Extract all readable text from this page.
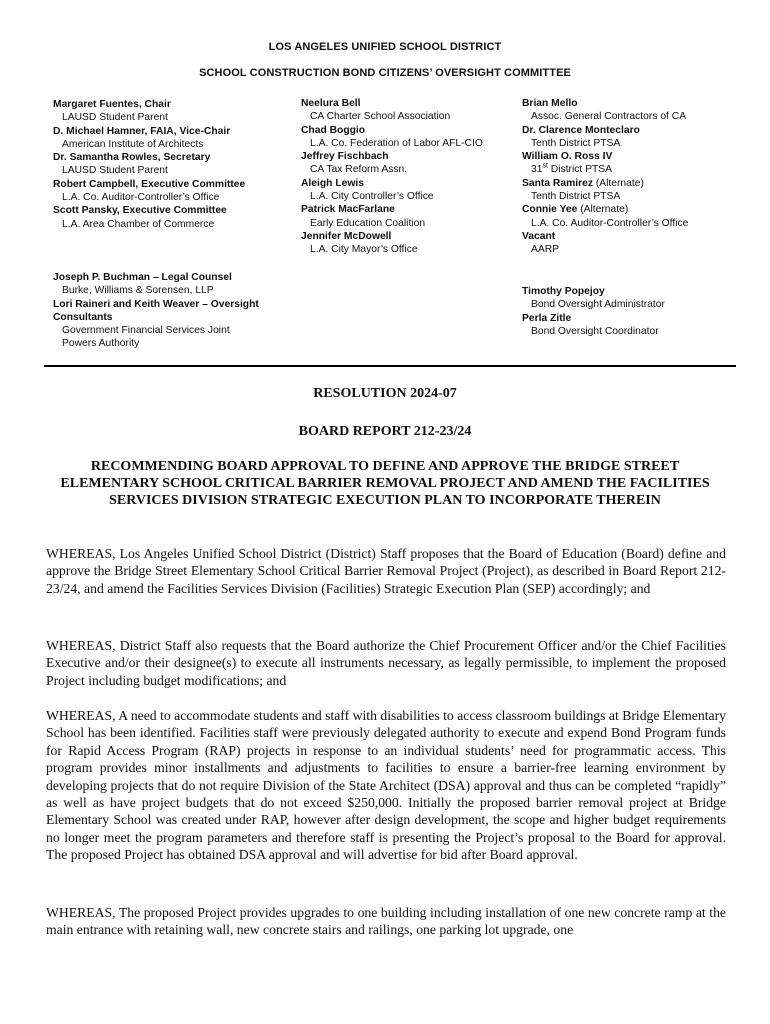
LOS ANGELES UNIFIED SCHOOL DISTRICT
SCHOOL CONSTRUCTION BOND CITIZENS’ OVERSIGHT COMMITTEE
Margaret Fuentes, Chair
LAUSD Student Parent
D. Michael Hamner, FAIA, Vice-Chair
American Institute of Architects
Dr. Samantha Rowles, Secretary
LAUSD Student Parent
Robert Campbell, Executive Committee
L.A. Co. Auditor-Controller’s Office
Scott Pansky, Executive Committee
L.A. Area Chamber of Commerce
Neelura Bell
CA Charter School Association
Chad Boggio
L.A. Co. Federation of Labor AFL-CIO
Jeffrey Fischbach
CA Tax Reform Assn.
Aleigh Lewis
L.A. City Controller’s Office
Patrick MacFarlane
Early Education Coalition
Jennifer McDowell
L.A. City Mayor’s Office
Brian Mello
Assoc. General Contractors of CA
Dr. Clarence Monteclaro
Tenth District PTSA
William O. Ross IV
31st District PTSA
Santa Ramirez (Alternate)
Tenth District PTSA
Connie Yee (Alternate)
L.A. Co. Auditor-Controller’s Office
Vacant
AARP
Joseph P. Buchman – Legal Counsel
Burke, Williams & Sorensen, LLP
Lori Raineri and Keith Weaver – Oversight Consultants
Government Financial Services Joint Powers Authority
Timothy Popejoy
Bond Oversight Administrator
Perla Zitle
Bond Oversight Coordinator
RESOLUTION 2024-07
BOARD REPORT 212-23/24
RECOMMENDING BOARD APPROVAL TO DEFINE AND APPROVE THE BRIDGE STREET ELEMENTARY SCHOOL CRITICAL BARRIER REMOVAL PROJECT AND AMEND THE FACILITIES SERVICES DIVISION STRATEGIC EXECUTION PLAN TO INCORPORATE THEREIN

WHEREAS, Los Angeles Unified School District (District) Staff proposes that the Board of Education (Board) define and approve the Bridge Street Elementary School Critical Barrier Removal Project (Project), as described in Board Report 212-23/24, and amend the Facilities Services Division (Facilities) Strategic Execution Plan (SEP) accordingly; and

WHEREAS, District Staff also requests that the Board authorize the Chief Procurement Officer and/or the Chief Facilities Executive and/or their designee(s) to execute all instruments necessary, as legally permissible, to implement the proposed Project including budget modifications; and

WHEREAS, A need to accommodate students and staff with disabilities to access classroom buildings at Bridge Elementary School has been identified. Facilities staff were previously delegated authority to execute and expend Bond Program funds for Rapid Access Program (RAP) projects in response to an individual students’ need for programmatic access. This program provides minor installments and adjustments to facilities to ensure a barrier-free learning environment by developing projects that do not require Division of the State Architect (DSA) approval and thus can be completed “rapidly” as well as have project budgets that do not exceed $250,000. Initially the proposed barrier removal project at Bridge Elementary School was created under RAP, however after design development, the scope and higher budget requirements no longer meet the program parameters and therefore staff is presenting the Project’s proposal to the Board for approval. The proposed Project has obtained DSA approval and will advertise for bid after Board approval.

WHEREAS, The proposed Project provides upgrades to one building including installation of one new concrete ramp at the main entrance with retaining wall, new concrete stairs and railings, one parking lot upgrade, one
